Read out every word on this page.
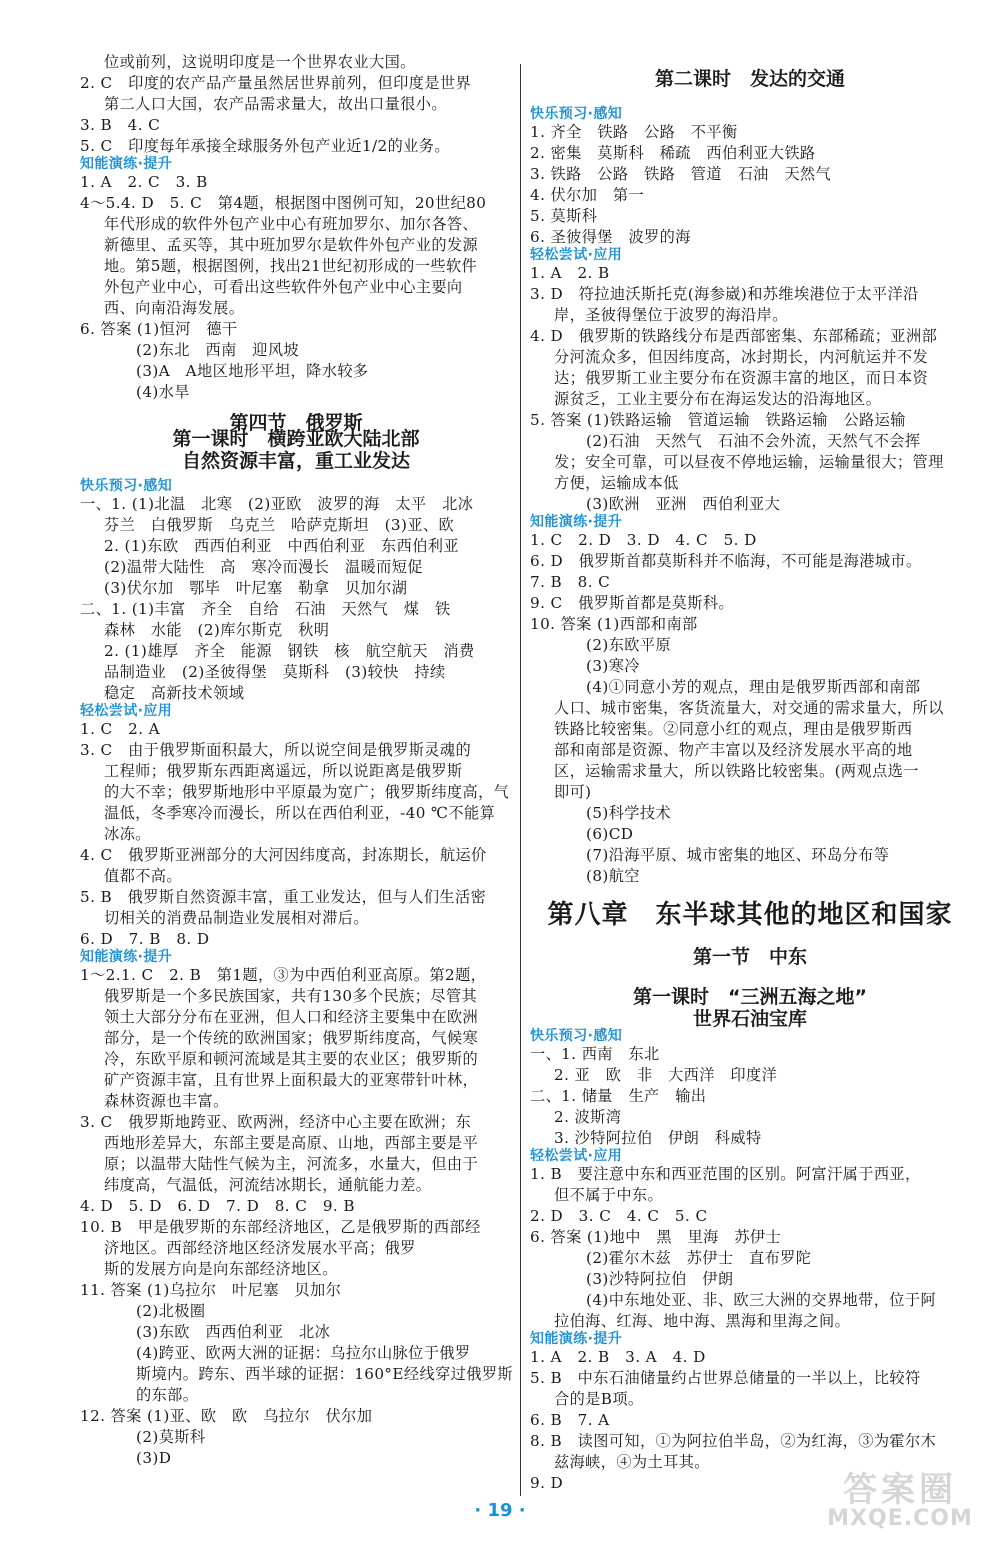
位或前列，这说明印度是一个世界农业大国。
2. C　印度的农产品产量虽然居世界前列，但印度是世界
第二人口大国，农产品需求量大，故出口量很小。
3. B　4. C
5. C　印度每年承接全球服务外包产业近1/2的业务。
知能演练·提升
1. A　2. C　3. B
4～5.4. D　5. C　第4题，根据图中图例可知，20世纪80
年代形成的软件外包产业中心有班加罗尔、加尔各答、
新德里、孟买等，其中班加罗尔是软件外包产业的发源
地。第5题，根据图例，找出21世纪初形成的一些软件
外包产业中心，可看出这些软件外包产业中心主要向
西、向南沿海发展。
6. 答案 (1)恒河　德干
(2)东北　西南　迎风坡
(3)A　A地区地形平坦，降水较多
(4)水旱
快乐预习·感知
一、1. (1)北温　北寒　(2)亚欧　波罗的海　太平　北冰
芬兰　白俄罗斯　乌克兰　哈萨克斯坦　(3)亚、欧
2. (1)东欧　西西伯利亚　中西伯利亚　东西伯利亚
(2)温带大陆性　高　寒冷而漫长　温暖而短促
(3)伏尔加　鄂毕　叶尼塞　勒拿　贝加尔湖
二、1. (1)丰富　齐全　自给　石油　天然气　煤　铁
森林　水能　(2)库尔斯克　秋明
2. (1)雄厚　齐全　能源　钢铁　核　航空航天　消费
品制造业　(2)圣彼得堡　莫斯科　(3)较快　持续
稳定　高新技术领域
轻松尝试·应用
1. C　2. A
3. C　由于俄罗斯面积最大，所以说空间是俄罗斯灵魂的
工程师；俄罗斯东西距离遥远，所以说距离是俄罗斯
的大不幸；俄罗斯地形中平原最为宽广；俄罗斯纬度高，气
温低，冬季寒冷而漫长，所以在西伯利亚，-40 ℃不能算
冰冻。
4. C　俄罗斯亚洲部分的大河因纬度高，封冻期长，航运价
值都不高。
5. B　俄罗斯自然资源丰富，重工业发达，但与人们生活密
切相关的消费品制造业发展相对滞后。
6. D　7. B　8. D
知能演练·提升
1～2.1. C　2. B　第1题，③为中西伯利亚高原。第2题，
俄罗斯是一个多民族国家，共有130多个民族；尽管其
领土大部分分布在亚洲，但人口和经济主要集中在欧洲
部分，是一个传统的欧洲国家；俄罗斯纬度高，气候寒
冷，东欧平原和顿河流域是其主要的农业区；俄罗斯的
矿产资源丰富，且有世界上面积最大的亚寒带针叶林，
森林资源也丰富。
3. C　俄罗斯地跨亚、欧两洲，经济中心主要在欧洲；东
西地形差异大，东部主要是高原、山地，西部主要是平
原；以温带大陆性气候为主，河流多，水量大，但由于
纬度高，气温低，河流结冰期长，通航能力差。
4. D　5. D　6. D　7. D　8. C　9. B
10. B　甲是俄罗斯的东部经济地区，乙是俄罗斯的西部经
济地区。西部经济地区经济发展水平高；俄罗
斯的发展方向是向东部经济地区。
11. 答案 (1)乌拉尔　叶尼塞　贝加尔
(2)北极圈
(3)东欧　西西伯利亚　北冰
(4)跨亚、欧两大洲的证据：乌拉尔山脉位于俄罗
斯境内。跨东、西半球的证据：160°E经线穿过俄罗斯
的东部。
12. 答案 (1)亚、欧　欧　乌拉尔　伏尔加
(2)莫斯科
(3)D
第四节　俄罗斯
第一课时　横跨亚欧大陆北部
自然资源丰富，重工业发达
快乐预习·感知
1. 齐全　铁路　公路　不平衡
2. 密集　莫斯科　稀疏　西伯利亚大铁路
3. 铁路　公路　铁路　管道　石油　天然气
4. 伏尔加　第一
5. 莫斯科
6. 圣彼得堡　波罗的海
轻松尝试·应用
1. A　2. B
3. D　符拉迪沃斯托克(海参崴)和苏维埃港位于太平洋沿
岸，圣彼得堡位于波罗的海沿岸。
4. D　俄罗斯的铁路线分布是西部密集、东部稀疏；亚洲部
分河流众多，但因纬度高，冰封期长，内河航运并不发
达；俄罗斯工业主要分布在资源丰富的地区，而日本资
源贫乏，工业主要分布在海运发达的沿海地区。
5. 答案 (1)铁路运输　管道运输　铁路运输　公路运输
(2)石油　天然气　石油不会外流，天然气不会挥
发；安全可靠，可以昼夜不停地运输，运输量很大；管理
方便，运输成本低
(3)欧洲　亚洲　西伯利亚大
知能演练·提升
1. C　2. D　3. D　4. C　5. D
6. D　俄罗斯首都莫斯科并不临海，不可能是海港城市。
7. B　8. C
9. C　俄罗斯首都是莫斯科。
10. 答案 (1)西部和南部
(2)东欧平原
(3)寒冷
(4)①同意小芳的观点，理由是俄罗斯西部和南部
人口、城市密集，客货流量大，对交通的需求量大，所以
铁路比较密集。②同意小红的观点，理由是俄罗斯西
部和南部是资源、物产丰富以及经济发展水平高的地
区，运输需求量大，所以铁路比较密集。(两观点选一
即可)
(5)科学技术
(6)CD
(7)沿海平原、城市密集的地区、环岛分布等
(8)航空
快乐预习·感知
一、1. 西南　东北
2. 亚　欧　非　大西洋　印度洋
二、1. 储量　生产　输出
2. 波斯湾
3. 沙特阿拉伯　伊朗　科威特
轻松尝试·应用
1. B　要注意中东和西亚范围的区别。阿富汗属于西亚，
但不属于中东。
2. D　3. C　4. C　5. C
6. 答案 (1)地中　黑　里海　苏伊士
(2)霍尔木兹　苏伊士　直布罗陀
(3)沙特阿拉伯　伊朗
(4)中东地处亚、非、欧三大洲的交界地带，位于阿
拉伯海、红海、地中海、黑海和里海之间。
知能演练·提升
1. A　2. B　3. A　4. D
5. B　中东石油储量约占世界总储量的一半以上，比较符
合的是B项。
6. B　7. A
8. B　读图可知，①为阿拉伯半岛，②为红海，③为霍尔木
兹海峡，④为土耳其。
9. D
第二课时　发达的交通
第八章　东半球其他的地区和国家
第一节　中东
第一课时　“三洲五海之地”
世界石油宝库
· 19 ·
答案圈
MXQE.COM
